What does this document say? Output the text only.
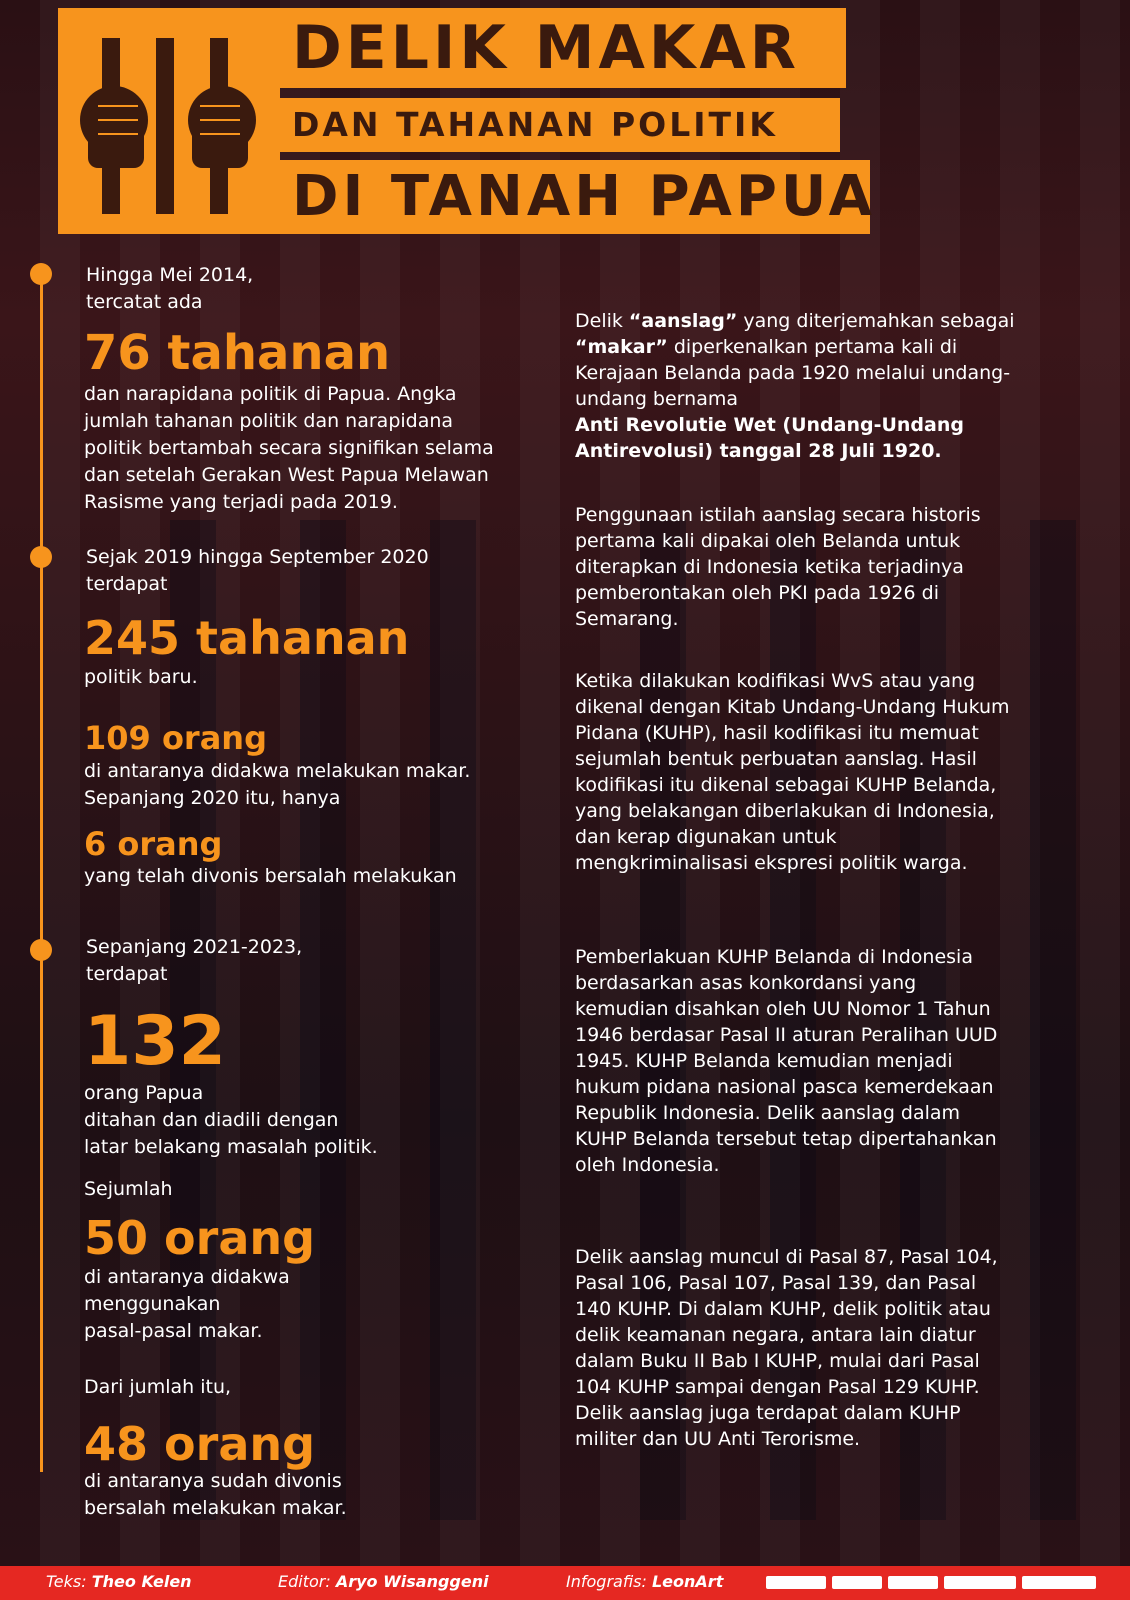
DELIK MAKAR
DAN TAHANAN POLITIK
DI TANAH PAPUA
Hingga Mei 2014,
tercatat ada
76 tahanan
dan narapidana politik di Papua. Angka
jumlah tahanan politik dan narapidana
politik bertambah secara signifikan selama
dan setelah Gerakan West Papua Melawan
Rasisme yang terjadi pada 2019.
Sejak 2019 hingga September 2020
terdapat
245 tahanan
politik baru.
109 orang
di antaranya didakwa melakukan makar.
Sepanjang 2020 itu, hanya
6 orang
yang telah divonis bersalah melakukan
Sepanjang 2021-2023,
terdapat
132
orang Papua
ditahan dan diadili dengan
latar belakang masalah politik.
Sejumlah
50 orang
di antaranya didakwa
menggunakan
pasal-pasal makar.
Dari jumlah itu,
48 orang
di antaranya sudah divonis
bersalah melakukan makar.
Delik “aanslag” yang diterjemahkan sebagai “makar” diperkenalkan pertama kali di Kerajaan Belanda pada 1920 melalui undang-undang bernama
Anti Revolutie Wet (Undang-Undang Antirevolusi) tanggal 28 Juli 1920.
Penggunaan istilah aanslag secara historis pertama kali dipakai oleh Belanda untuk diterapkan di Indonesia ketika terjadinya pemberontakan oleh PKI pada 1926 di Semarang.
Ketika dilakukan kodifikasi WvS atau yang dikenal dengan Kitab Undang-Undang Hukum Pidana (KUHP), hasil kodifikasi itu memuat sejumlah bentuk perbuatan aanslag. Hasil kodifikasi itu dikenal sebagai KUHP Belanda, yang belakangan diberlakukan di Indonesia, dan kerap digunakan untuk mengkriminalisasi ekspresi politik warga.
Pemberlakuan KUHP Belanda di Indonesia berdasarkan asas konkordansi yang kemudian disahkan oleh UU Nomor 1 Tahun 1946 berdasar Pasal II aturan Peralihan UUD 1945. KUHP Belanda kemudian menjadi hukum pidana nasional pasca kemerdekaan Republik Indonesia. Delik aanslag dalam KUHP Belanda tersebut tetap dipertahankan oleh Indonesia.
Delik aanslag muncul di Pasal 87, Pasal 104, Pasal 106, Pasal 107, Pasal 139, dan Pasal 140 KUHP. Di dalam KUHP, delik politik atau delik keamanan negara, antara lain diatur dalam Buku II Bab I KUHP, mulai dari Pasal 104 KUHP sampai dengan Pasal 129 KUHP. Delik aanslag juga terdapat dalam KUHP militer dan UU Anti Terorisme.
Teks: Theo Kelen	Editor: Aryo Wisanggeni	Infografis: LeonArt
